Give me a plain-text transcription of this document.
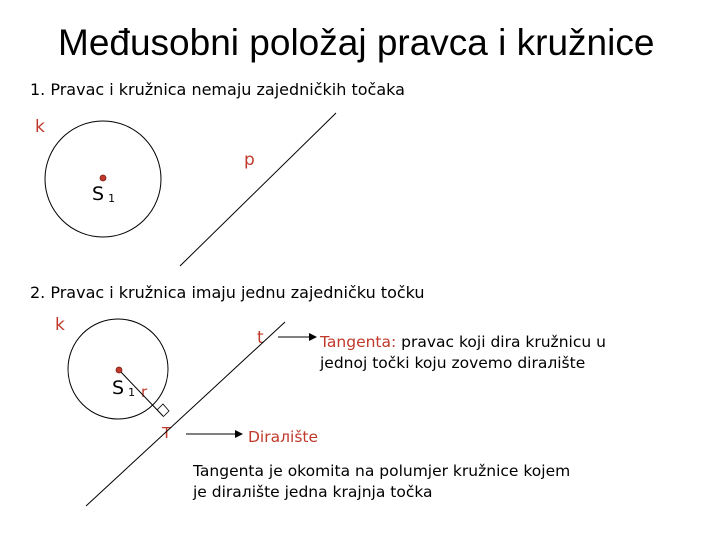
Međusobni položaj pravca i kružnice
1. Pravac i kružnica nemaju zajedničkih točaka
k
p
S 1
2. Pravac i kružnica imaju jednu zajedničku točku
k
t
S 1 r
T
Tangenta: pravac koji dira kružnicu u
jednoj točki koju zovemo dirалište
Dirалište
Tangenta je okomita na polumjer kružnice kojem
je dirалište jedna krajnja točka
